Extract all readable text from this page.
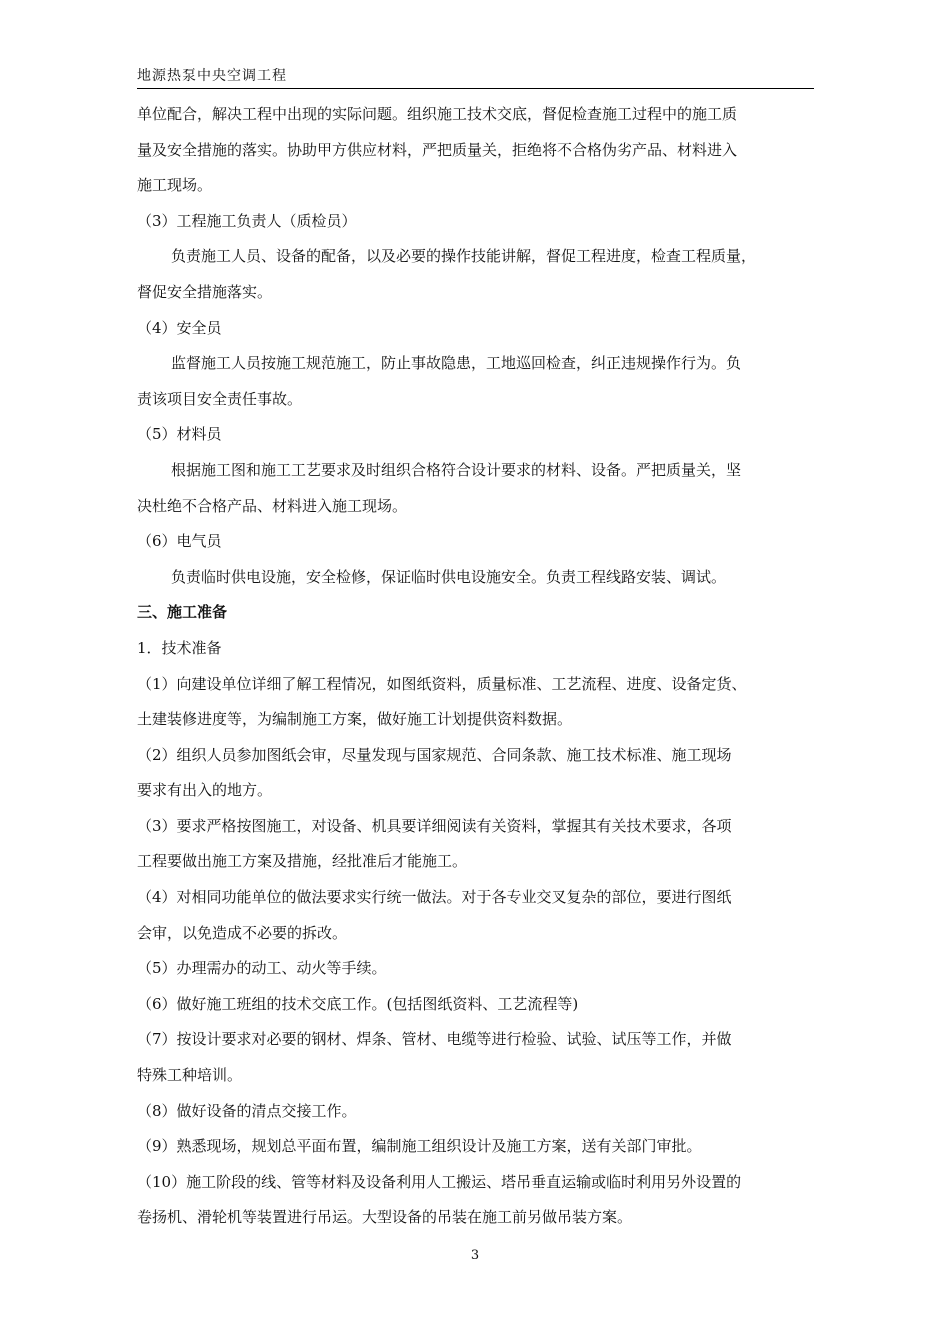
地源热泵中央空调工程
单位配合，解决工程中出现的实际问题。组织施工技术交底，督促检查施工过程中的施工质
量及安全措施的落实。协助甲方供应材料，严把质量关，拒绝将不合格伪劣产品、材料进入
施工现场。
（3）工程施工负责人（质检员）
负责施工人员、设备的配备，以及必要的操作技能讲解，督促工程进度，检查工程质量，
督促安全措施落实。
（4）安全员
监督施工人员按施工规范施工，防止事故隐患，工地巡回检查，纠正违规操作行为。负
责该项目安全责任事故。
（5）材料员
根据施工图和施工工艺要求及时组织合格符合设计要求的材料、设备。严把质量关，坚
决杜绝不合格产品、材料进入施工现场。
（6）电气员
负责临时供电设施，安全检修，保证临时供电设施安全。负责工程线路安装、调试。
三、施工准备
1．技术准备
（1）向建设单位详细了解工程情况，如图纸资料，质量标准、工艺流程、进度、设备定货、
土建装修进度等，为编制施工方案，做好施工计划提供资料数据。
（2）组织人员参加图纸会审，尽量发现与国家规范、合同条款、施工技术标准、施工现场
要求有出入的地方。
（3）要求严格按图施工，对设备、机具要详细阅读有关资料，掌握其有关技术要求，各项
工程要做出施工方案及措施，经批准后才能施工。
（4）对相同功能单位的做法要求实行统一做法。对于各专业交叉复杂的部位，要进行图纸
会审，以免造成不必要的拆改。
（5）办理需办的动工、动火等手续。
（6）做好施工班组的技术交底工作。(包括图纸资料、工艺流程等)
（7）按设计要求对必要的钢材、焊条、管材、电缆等进行检验、试验、试压等工作，并做
特殊工种培训。
（8）做好设备的清点交接工作。
（9）熟悉现场，规划总平面布置，编制施工组织设计及施工方案，送有关部门审批。
（10）施工阶段的线、管等材料及设备利用人工搬运、塔吊垂直运输或临时利用另外设置的
卷扬机、滑轮机等装置进行吊运。大型设备的吊装在施工前另做吊装方案。
3
